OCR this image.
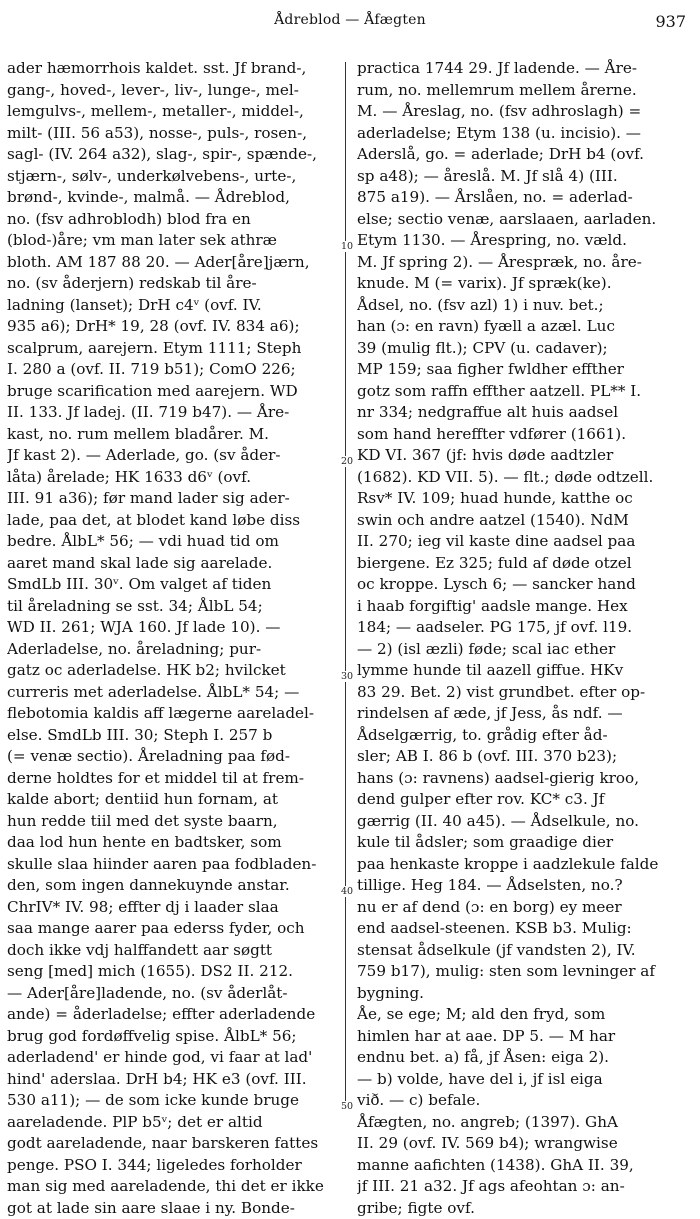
Ådreblod — Åfægten	937
ader hæmorrhois kaldet. sst. Jf brand-,
gang-, hoved-, lever-, liv-, lunge-, mel-
lemgulvs-, mellem-, metaller-, middel-,
milt- (III. 56 a53), nosse-, puls-, rosen-,
sagl- (IV. 264 a32), slag-, spir-, spænde-,
stjærn-, sølv-, underkølvebens-, urte-,
brønd-, kvinde-, malmå. — Ådreblod,
no. (fsv adhroblodh) blod fra en
(blod-)åre; vm man later sek athræ
bloth. AM 187 88 20. — Ader[åre]jærn,
no. (sv åderjern) redskab til åre-
ladning (lanset); DrH c4ᵛ (ovf. IV.
935 a6); DrH* 19, 28 (ovf. IV. 834 a6);
scalprum, aarejern. Etym 1111; Steph
I. 280 a (ovf. II. 719 b51); ComO 226;
bruge scarification med aarejern. WD
II. 133. Jf ladej. (II. 719 b47). — Åre-
kast, no. rum mellem bladårer. M.
Jf kast 2). — Aderlade, go. (sv åder-
låta) årelade; HK 1633 d6ᵛ (ovf.
III. 91 a36); før mand lader sig ader-
lade, paa det, at blodet kand løbe diss
bedre. ÅlbL* 56; — vdi huad tid om
aaret mand skal lade sig aarelade.
SmdLb III. 30ᵛ. Om valget af tiden
til åreladning se sst. 34; ÅlbL 54;
WD II. 261; WJA 160. Jf lade 10). —
Aderladelse, no. åreladning; pur-
gatz oc aderladelse. HK b2; hvilcket
curreris met aderladelse. ÅlbL* 54; —
flebotomia kaldis aff lægerne aareladel-
else. SmdLb III. 30; Steph I. 257 b
(= venæ sectio). Åreladning paa fød-
derne holdtes for et middel til at frem-
kalde abort; dentiid hun fornam, at
hun redde tiil med det syste baarn,
daa lod hun hente en badtsker, som
skulle slaa hiinder aaren paa fodbladen-
den, som ingen dannekuynde anstar.
ChrIV* IV. 98; effter dj i laader slaa
saa mange aarer paa ederss fyder, och
doch ikke vdj halffandett aar søgtt
seng [med] mich (1655). DS2 II. 212.
— Ader[åre]ladende, no. (sv åderlåt-
ande) = åderladelse; effter aderladende
brug god fordøffvelig spise. ÅlbL* 56;
aderladend' er hinde god, vi faar at lad'
hind' aderslaa. DrH b4; HK e3 (ovf. III.
530 a11); — de som icke kunde bruge
aareladende. PlP b5ᵛ; det er altid
godt aareladende, naar barskeren fattes
penge. PSO I. 344; ligeledes forholder
man sig med aareladende, thi det er ikke
got at lade sin aare slaae i ny. Bonde-
practica 1744 29. Jf ladende. — Åre-
rum, no. mellemrum mellem årerne.
M. — Åreslag, no. (fsv adhroslagh) =
aderladelse; Etym 138 (u. incisio). —
Aderslå, go. = aderlade; DrH b4 (ovf.
sp a48); — åreslå. M. Jf slå 4) (III.
875 a19). — Årslåen, no. = aderlad-
else; sectio venæ, aarslaaen, aarladen.
Etym 1130. — Årespring, no. væld.
M. Jf spring 2). — Årespræk, no. åre-
knude. M (= varix). Jf spræk(ke).
Ådsel, no. (fsv azl) 1) i nuv. bet.;
han (ɔ: en ravn) fyæll a azæl. Luc
39 (mulig flt.); CPV (u. cadaver);
MP 159; saa figher fwldher effther
gotz som raffn effther aatzell. PL** I.
nr 334; nedgraffue alt huis aadsel
som hand hereffter vdfører (1661).
KD VI. 367 (jf: hvis døde aadtzler
(1682). KD VII. 5). — flt.; døde odtzell.
Rsv* IV. 109; huad hunde, katthe oc
swin och andre aatzel (1540). NdM
II. 270; ieg vil kaste dine aadsel paa
biergene. Ez 325; fuld af døde otzel
oc kroppe. Lysch 6; — sancker hand
i haab forgiftig' aadsle mange. Hex
184; — aadseler. PG 175, jf ovf. l19.
— 2) (isl æzli) føde; scal iac ether
lymme hunde til aazell giffue. HKv
83 29. Bet. 2) vist grundbet. efter op-
rindelsen af æde, jf Jess, ås ndf. —
Ådselgærrig, to. grådig efter åd-
sler; AB I. 86 b (ovf. III. 370 b23);
hans (ɔ: ravnens) aadsel-gierig kroo,
dend gulper efter rov. KC* c3. Jf
gærrig (II. 40 a45). — Ådselkule, no.
kule til ådsler; som graadige dier
paa henkaste kroppe i aadzlekule falde
tillige. Heg 184. — Ådselsten, no.?
nu er af dend (ɔ: en borg) ey meer
end aadsel-steenen. KSB b3. Mulig:
stensat ådselkule (jf vandsten 2), IV.
759 b17), mulig: sten som levninger af
bygning.
Åe, se ege; M; ald den fryd, som
himlen har at aae. DP 5. — M har
endnu bet. a) få, jf Åsen: eiga 2).
— b) volde, have del i, jf isl eiga
við. — c) befale.
Åfægten, no. angreb; (1397). GhA
II. 29 (ovf. IV. 569 b4); wrangwise
manne aafichten (1438). GhA II. 39,
jf III. 21 a32. Jf ags afeohtan ɔ: an-
gribe; figte ovf.
10
20
30
40
50
